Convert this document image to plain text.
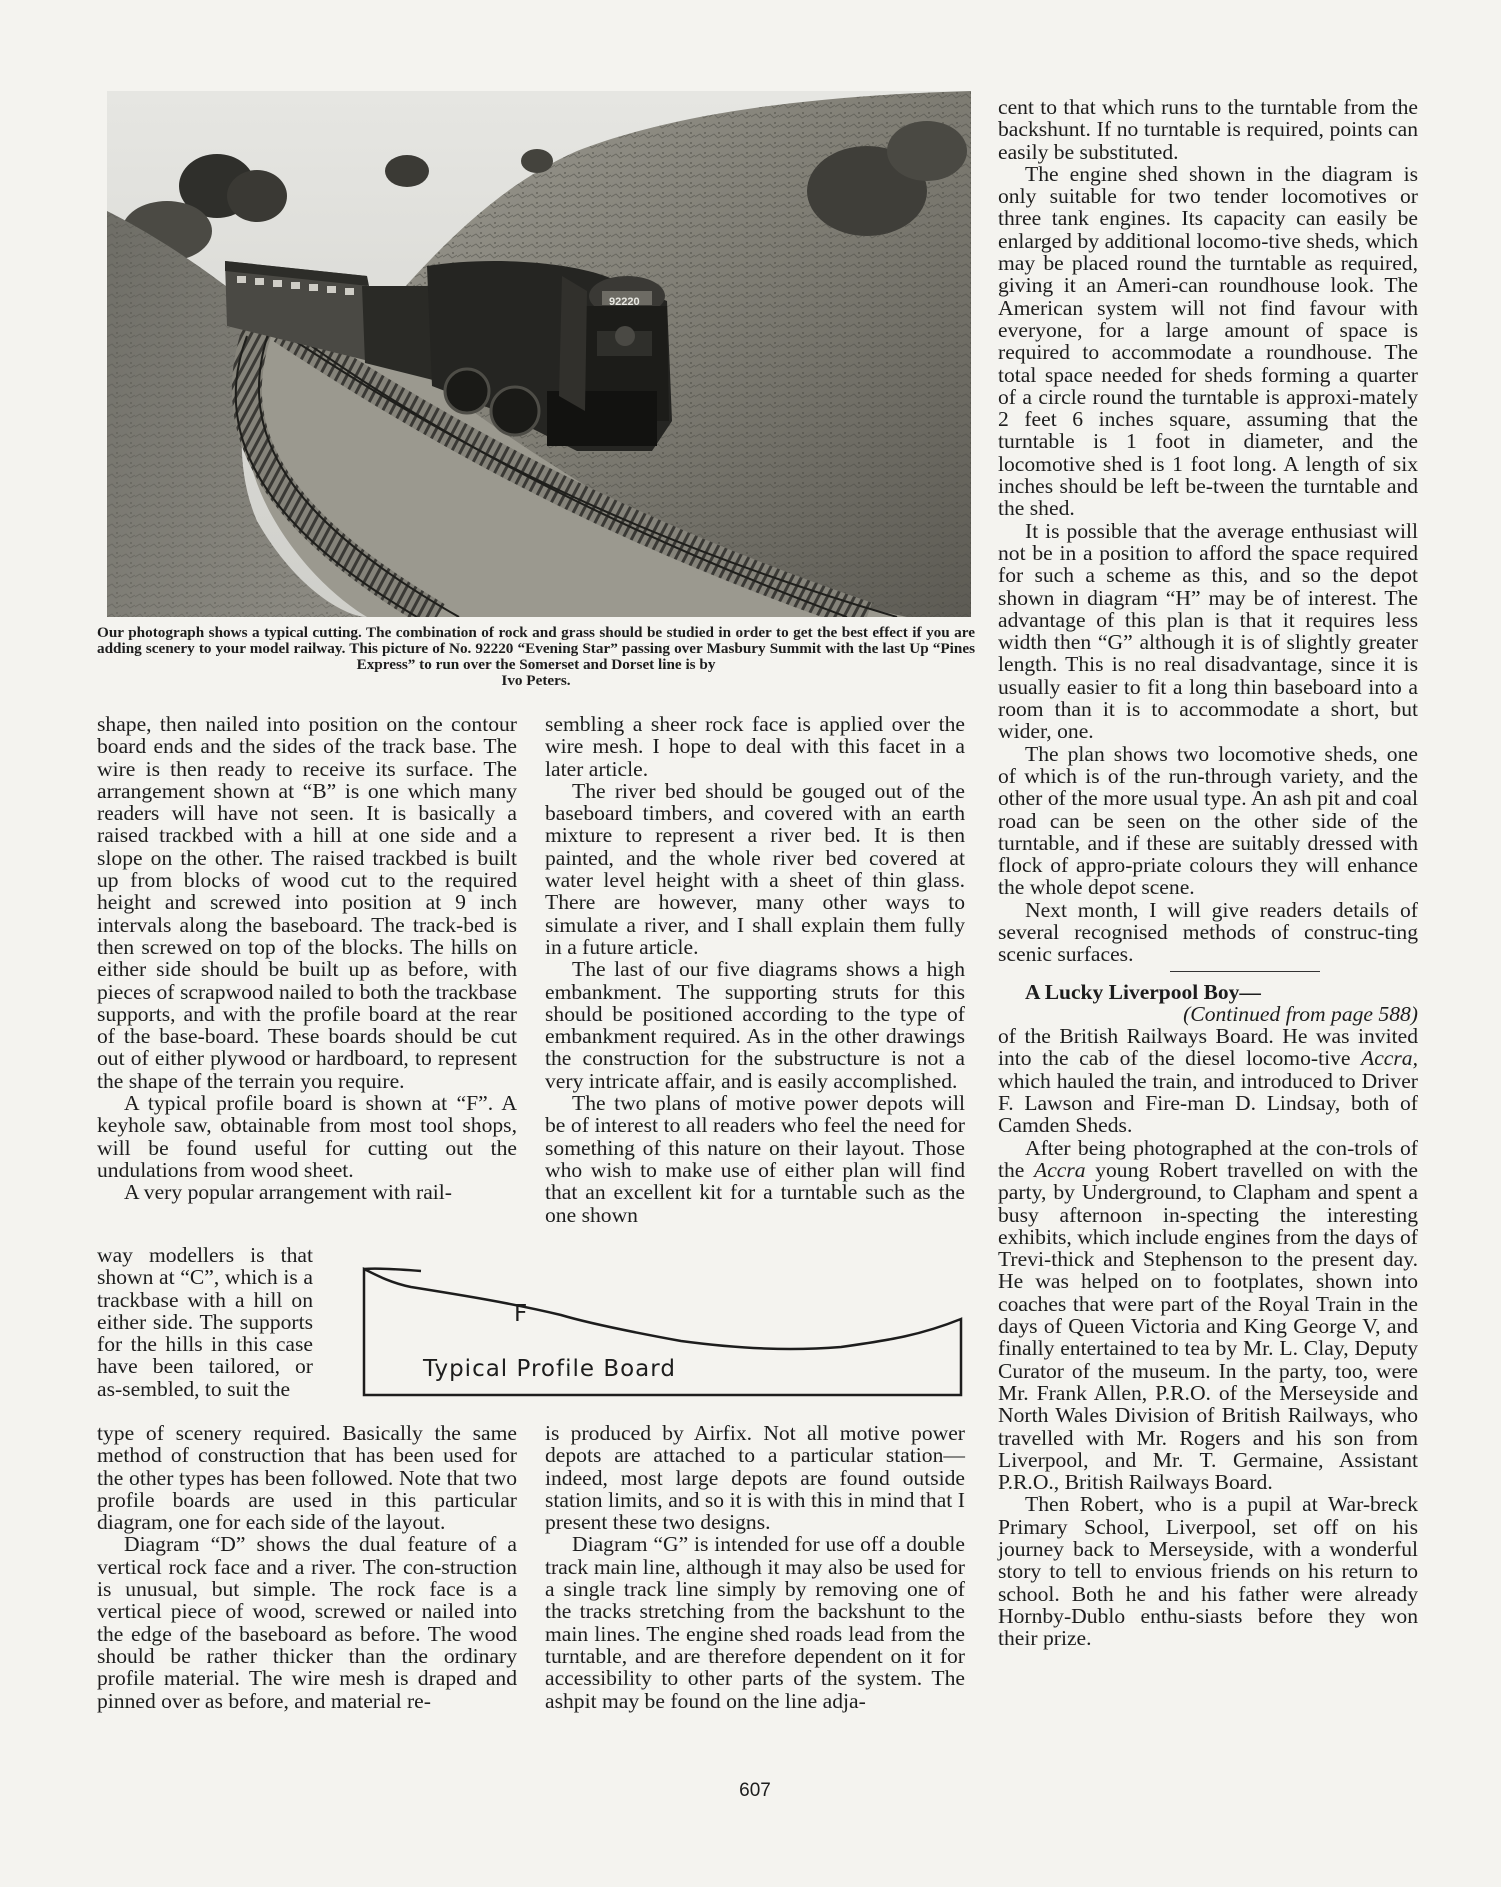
92220
Our photograph shows a typical cutting. The combination of rock and grass should be studied in order to get the best effect if you are adding scenery to your model railway. This picture of No. 92220 “Evening Star” passing over Masbury Summit with the last Up “Pines Express” to run over the Somerset and Dorset line is by
Ivo Peters.

shape, then nailed into position on the contour board ends and the sides of the track base. The wire is then ready to receive its surface. The arrangement shown at “B” is one which many readers will have not seen. It is basically a raised trackbed with a hill at one side and a slope on the other. The raised trackbed is built up from blocks of wood cut to the required height and screwed into position at 9 inch intervals along the baseboard. The track-bed is then screwed on top of the blocks. The hills on either side should be built up as before, with pieces of scrapwood nailed to both the trackbase supports, and with the profile board at the rear of the base-board. These boards should be cut out of either plywood or hardboard, to represent the shape of the terrain you require.

A typical profile board is shown at “F”. A keyhole saw, obtainable from most tool shops, will be found useful for cutting out the undulations from wood sheet.

A very popular arrangement with rail-

way modellers is that shown at “C”, which is a trackbase with a hill on either side. The supports for the hills in this case have been tailored, or as-sembled, to suit the

type of scenery required. Basically the same method of construction that has been used for the other types has been followed. Note that two profile boards are used in this particular diagram, one for each side of the layout.

Diagram “D” shows the dual feature of a vertical rock face and a river. The con-struction is unusual, but simple. The rock face is a vertical piece of wood, screwed or nailed into the edge of the baseboard as before. The wood should be rather thicker than the ordinary profile material. The wire mesh is draped and pinned over as before, and material re-

sembling a sheer rock face is applied over the wire mesh. I hope to deal with this facet in a later article.

The river bed should be gouged out of the baseboard timbers, and covered with an earth mixture to represent a river bed. It is then painted, and the whole river bed covered at water level height with a sheet of thin glass. There are however, many other ways to simulate a river, and I shall explain them fully in a future article.

The last of our five diagrams shows a high embankment. The supporting struts for this should be positioned according to the type of embankment required. As in the other drawings the construction for the substructure is not a very intricate affair, and is easily accomplished.

The two plans of motive power depots will be of interest to all readers who feel the need for something of this nature on their layout. Those who wish to make use of either plan will find that an excellent kit for a turntable such as the one shown

is produced by Airfix. Not all motive power depots are attached to a particular station—indeed, most large depots are found outside station limits, and so it is with this in mind that I present these two designs.

Diagram “G” is intended for use off a double track main line, although it may also be used for a single track line simply by removing one of the tracks stretching from the backshunt to the main lines. The engine shed roads lead from the turntable, and are therefore dependent on it for accessibility to other parts of the system. The ashpit may be found on the line adja-

F
Typical Profile Board

cent to that which runs to the turntable from the backshunt. If no turntable is required, points can easily be substituted.

The engine shed shown in the diagram is only suitable for two tender locomotives or three tank engines. Its capacity can easily be enlarged by additional locomo-tive sheds, which may be placed round the turntable as required, giving it an Ameri-can roundhouse look. The American system will not find favour with everyone, for a large amount of space is required to accommodate a roundhouse. The total space needed for sheds forming a quarter of a circle round the turntable is approxi-mately 2 feet 6 inches square, assuming that the turntable is 1 foot in diameter, and the locomotive shed is 1 foot long. A length of six inches should be left be-tween the turntable and the shed.

It is possible that the average enthusiast will not be in a position to afford the space required for such a scheme as this, and so the depot shown in diagram “H” may be of interest. The advantage of this plan is that it requires less width then “G” although it is of slightly greater length. This is no real disadvantage, since it is usually easier to fit a long thin baseboard into a room than it is to accommodate a short, but wider, one.

The plan shows two locomotive sheds, one of which is of the run-through variety, and the other of the more usual type. An ash pit and coal road can be seen on the other side of the turntable, and if these are suitably dressed with flock of appro-priate colours they will enhance the whole depot scene.

Next month, I will give readers details of several recognised methods of construc-ting scenic surfaces.

A Lucky Liverpool Boy—

(Continued from page 588)

of the British Railways Board. He was invited into the cab of the diesel locomo-tive Accra, which hauled the train, and introduced to Driver F. Lawson and Fire-man D. Lindsay, both of Camden Sheds.

After being photographed at the con-trols of the Accra young Robert travelled on with the party, by Underground, to Clapham and spent a busy afternoon in-specting the interesting exhibits, which include engines from the days of Trevi-thick and Stephenson to the present day. He was helped on to footplates, shown into coaches that were part of the Royal Train in the days of Queen Victoria and King George V, and finally entertained to tea by Mr. L. Clay, Deputy Curator of the museum. In the party, too, were Mr. Frank Allen, P.R.O. of the Merseyside and North Wales Division of British Railways, who travelled with Mr. Rogers and his son from Liverpool, and Mr. T. Germaine, Assistant P.R.O., British Railways Board.

Then Robert, who is a pupil at War-breck Primary School, Liverpool, set off on his journey back to Merseyside, with a wonderful story to tell to envious friends on his return to school. Both he and his father were already Hornby-Dublo enthu-siasts before they won their prize.

607
